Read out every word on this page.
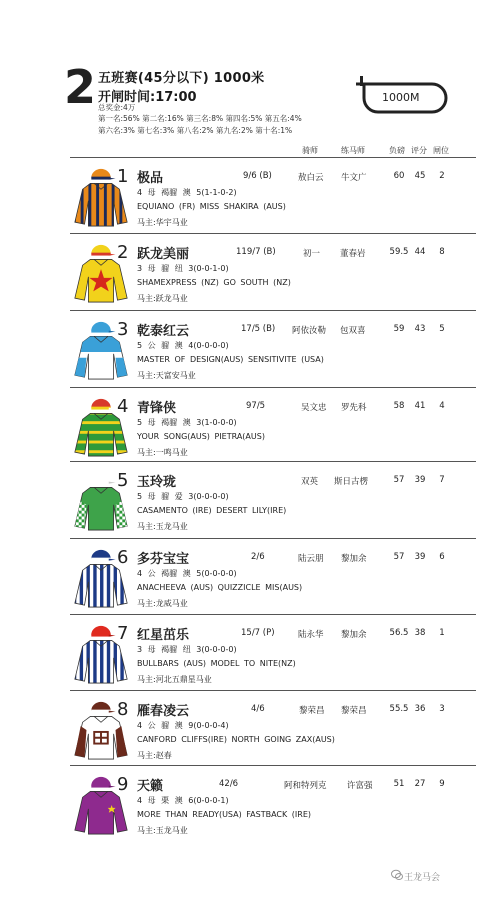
2 五班赛(45分以下) 1000米
开闸时间:17:00
总奖金:4万
第一名:56% 第二名:16% 第三名:8% 第四名:5% 第五名:4%
第六名:3% 第七名:3% 第八名:2% 第九名:2% 第十名:1%
1000M
骑师	练马师	负磅 评分 闸位
1 极品	9/6 (B)	敖白云 牛文广	60	45	2
4 母 褐骝 澳 5(1-1-0-2)
EQUIANO (FR) MISS SHAKIRA (AUS)
马主:华宇马业
2 跃龙美丽	119/7 (B)	初一 董春岩	59.5 44	8
3 母 骝 纽 3(0-0-1-0)
SHAMEXPRESS (NZ) GO SOUTH (NZ)
马主:跃龙马业
3 乾泰红云	17/5 (B) 阿依汝勒 包双喜	59	43	5
5 公 骝 澳 4(0-0-0-0)
MASTER OF DESIGN(AUS) SENSITIVITE (USA)
马主:天富安马业
4 青锋侠	97/5	吴文忠 罗先科	58	41	4
5 母 褐骝 澳 3(1-0-0-0)
YOUR SONG(AUS) PIETRA(AUS)
马主:一鸣马业
5 玉玲珑	双英 斯日古楞	57	39	7
5 母 骝 爱 3(0-0-0-0)
CASAMENTO (IRE) DESERT LILY(IRE)
马主:玉龙马业
6 多芬宝宝	2/6	陆云朋 黎加余	57	39	6
4 公 褐骝 澳 5(0-0-0-0)
ANACHEEVA (AUS) QUIZZICLE MIS(AUS)
马主:龙威马业
7 红星茁乐	15/7 (P)	陆永华 黎加余	56.5 38	1
3 母 褐骝 纽 3(0-0-0-0)
BULLBARS (AUS) MODEL TO NITE(NZ)
马主:河北五鼎星马业
8 雁春凌云	4/6	黎荣昌 黎荣昌	55.5 36	3
4 公 骝 澳 9(0-0-0-4)
CANFORD CLIFFS(IRE) NORTH GOING ZAX(AUS)
马主:赵春
9 天籁	42/6	阿和特列克 许富强	51	27	9
4 母 栗 澳 6(0-0-0-1)
MORE THAN READY(USA) FASTBACK (IRE)
马主:玉龙马业
王龙马会
